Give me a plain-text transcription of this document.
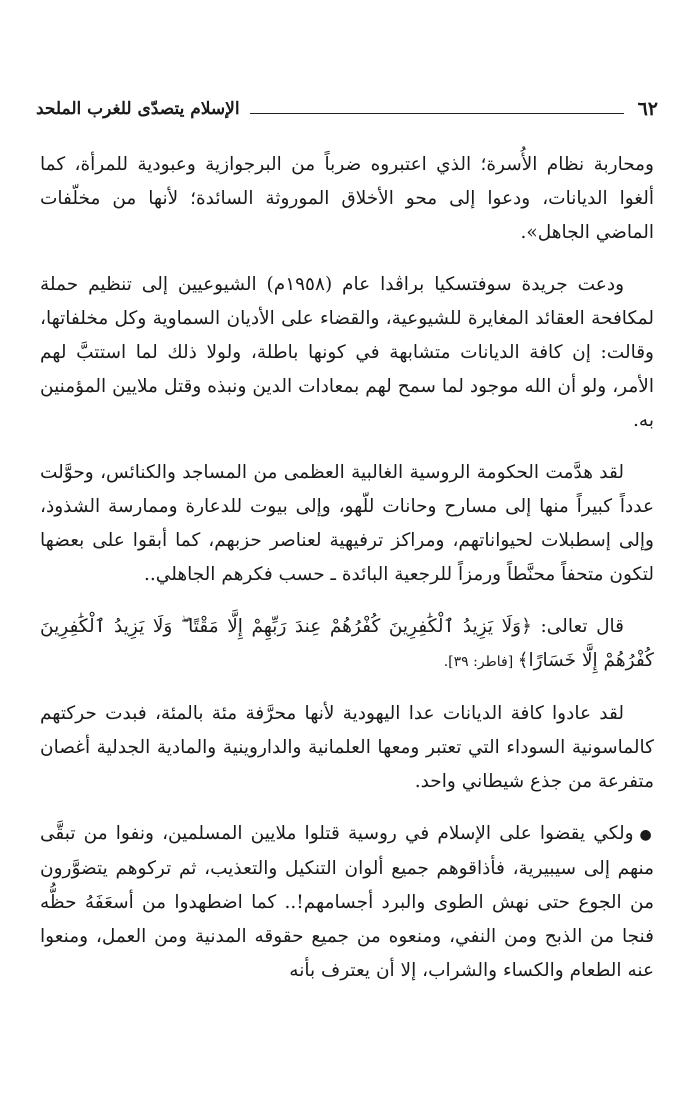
٦٢
الإسلام يتصدّى للغرب الملحد

ومحاربة نظام الأُسرة؛ الذي اعتبروه ضرباً من البرجوازية وعبودية للمرأة، كما ألغوا الديانات، ودعوا إلى محو الأخلاق الموروثة السائدة؛ لأنها من مخلّفات الماضي الجاهل».

ودعت جريدة سوفتسكيا براڤدا عام (١٩٥٨م) الشيوعيين إلى تنظيم حملة لمكافحة العقائد المغايرة للشيوعية، والقضاء على الأديان السماوية وكل مخلفاتها، وقالت: إن كافة الديانات متشابهة في كونها باطلة، ولولا ذلك لما استتبَّ لهم الأمر، ولو أن الله موجود لما سمح لهم بمعادات الدين ونبذه وقتل ملايين المؤمنين به.

لقد هدَّمت الحكومة الروسية الغالبية العظمى من المساجد والكنائس، وحوَّلت عدداً كبيراً منها إلى مسارح وحانات للّهو، وإلى بيوت للدعارة وممارسة الشذوذ، وإلى إسطبلات لحيواناتهم، ومراكز ترفيهية لعناصر حزبهم، كما أبقوا على بعضها لتكون متحفاً محنَّطاً ورمزاً للرجعية البائدة ـ حسب فكرهم الجاهلي..

قال تعالى: ﴿وَلَا يَزِيدُ ٱلْكَٰفِرِينَ كُفْرُهُمْ عِندَ رَبِّهِمْ إِلَّا مَقْتًا ۖ وَلَا يَزِيدُ ٱلْكَٰفِرِينَ كُفْرُهُمْ إِلَّا خَسَارًا﴾ [فاطر: ٣٩].

لقد عادوا كافة الديانات عدا اليهودية لأنها محرَّفة مئة بالمئة، فبدت حركتهم كالماسونية السوداء التي تعتبر ومعها العلمانية والداروينية والمادية الجدلية أغصان متفرعة من جذع شيطاني واحد.

●ولكي يقضوا على الإسلام في روسية قتلوا ملايين المسلمين، ونفوا من تبقَّى منهم إلى سيبيرية، فأذاقوهم جميع ألوان التنكيل والتعذيب، ثم تركوهم يتضوَّرون من الجوع حتى نهش الطوى والبرد أجسامهم!.. كما اضطهدوا من أسعَفَهُ حظُّه فنجا من الذبح ومن النفي، ومنعوه من جميع حقوقه المدنية ومن العمل، ومنعوا عنه الطعام والكساء والشراب، إلا أن يعترف بأنه
